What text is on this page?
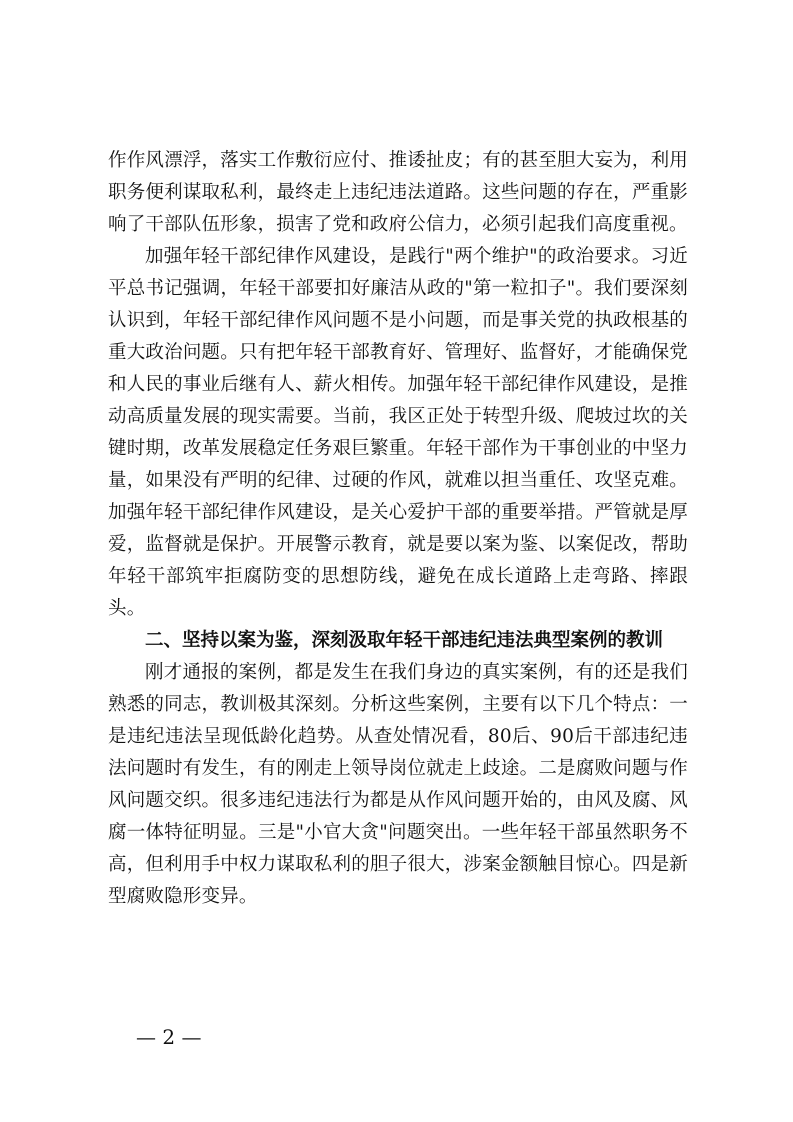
作作风漂浮，落实工作敷衍应付、推诿扯皮；有的甚至胆大妄为，利用职务便利谋取私利，最终走上违纪违法道路。这些问题的存在，严重影响了干部队伍形象，损害了党和政府公信力，必须引起我们高度重视。

加强年轻干部纪律作风建设，是践行"两个维护"的政治要求。习近平总书记强调，年轻干部要扣好廉洁从政的"第一粒扣子"。我们要深刻认识到，年轻干部纪律作风问题不是小问题，而是事关党的执政根基的重大政治问题。只有把年轻干部教育好、管理好、监督好，才能确保党和人民的事业后继有人、薪火相传。加强年轻干部纪律作风建设，是推动高质量发展的现实需要。当前，我区正处于转型升级、爬坡过坎的关键时期，改革发展稳定任务艰巨繁重。年轻干部作为干事创业的中坚力量，如果没有严明的纪律、过硬的作风，就难以担当重任、攻坚克难。加强年轻干部纪律作风建设，是关心爱护干部的重要举措。严管就是厚爱，监督就是保护。开展警示教育，就是要以案为鉴、以案促改，帮助年轻干部筑牢拒腐防变的思想防线，避免在成长道路上走弯路、摔跟头。

二、坚持以案为鉴，深刻汲取年轻干部违纪违法典型案例的教训

刚才通报的案例，都是发生在我们身边的真实案例，有的还是我们熟悉的同志，教训极其深刻。分析这些案例，主要有以下几个特点：一是违纪违法呈现低龄化趋势。从查处情况看，80后、90后干部违纪违法问题时有发生，有的刚走上领导岗位就走上歧途。二是腐败问题与作风问题交织。很多违纪违法行为都是从作风问题开始的，由风及腐、风腐一体特征明显。三是"小官大贪"问题突出。一些年轻干部虽然职务不高，但利用手中权力谋取私利的胆子很大，涉案金额触目惊心。四是新型腐败隐形变异。

— 2 —
